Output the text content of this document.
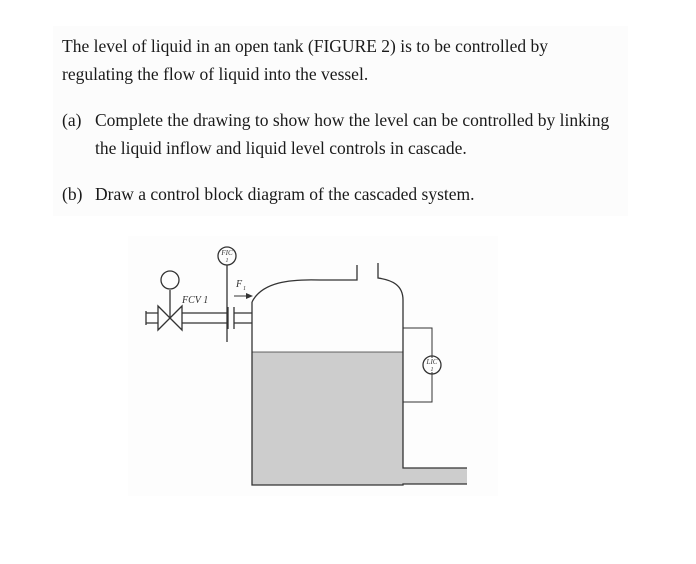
The level of liquid in an open tank (FIGURE 2) is to be controlled by regulating the flow of liquid into the vessel.

(a) Complete the drawing to show how the level can be controlled by linking the liquid inflow and liquid level controls in cascade.
(b) Draw a control block diagram of the cascaded system.
FIC
1
LIC
1
FCV 1
F 1
